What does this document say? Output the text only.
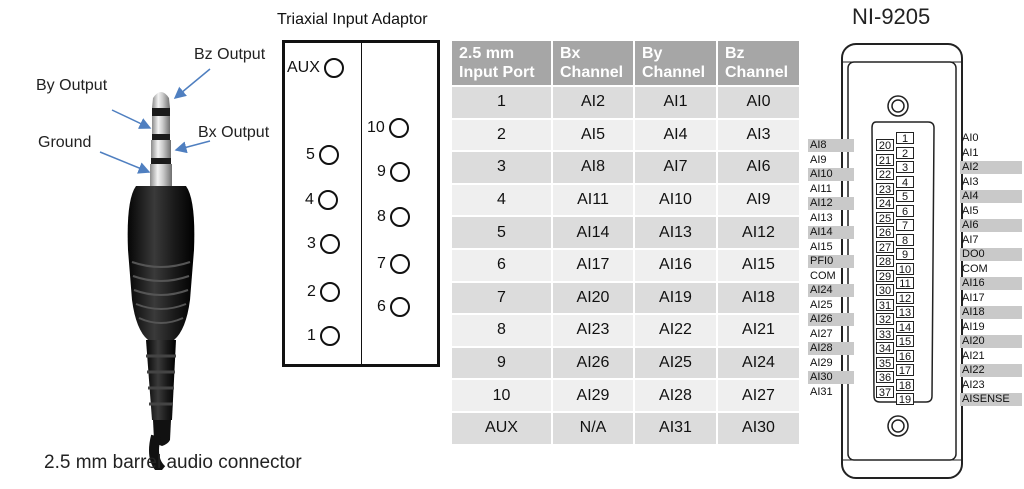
Bz Output
By Output
Bx Output
Ground
2.5 mm barrel audio connector
Triaxial Input Adaptor
AUX
1
2
3
4
5
6
7
8
9
10
2.5 mm Input Port	Bx Channel	By Channel	Bz Channel
1	AI2	AI1	AI0
2	AI5	AI4	AI3
3	AI8	AI7	AI6
4	AI11	AI10	AI9
5	AI14	AI13	AI12
6	AI17	AI16	AI15
7	AI20	AI19	AI18
8	AI23	AI22	AI21
9	AI26	AI25	AI24
10	AI29	AI28	AI27
AUX	N/A	AI31	AI30
NI-9205
AI8
AI9
AI10
AI11
AI12
AI13
AI14
AI15
PFI0
COM
AI24
AI25
AI26
AI27
AI28
AI29
AI30
AI31
20
21
22
23
24
25
26
27
28
29
30
31
32
33
34
35
36
37
1
2
3
4
5
6
7
8
9
10
11
12
13
14
15
16
17
18
19
AI0
AI1
AI2
AI3
AI4
AI5
AI6
AI7
DO0
COM
AI16
AI17
AI18
AI19
AI20
AI21
AI22
AI23
AISENSE
